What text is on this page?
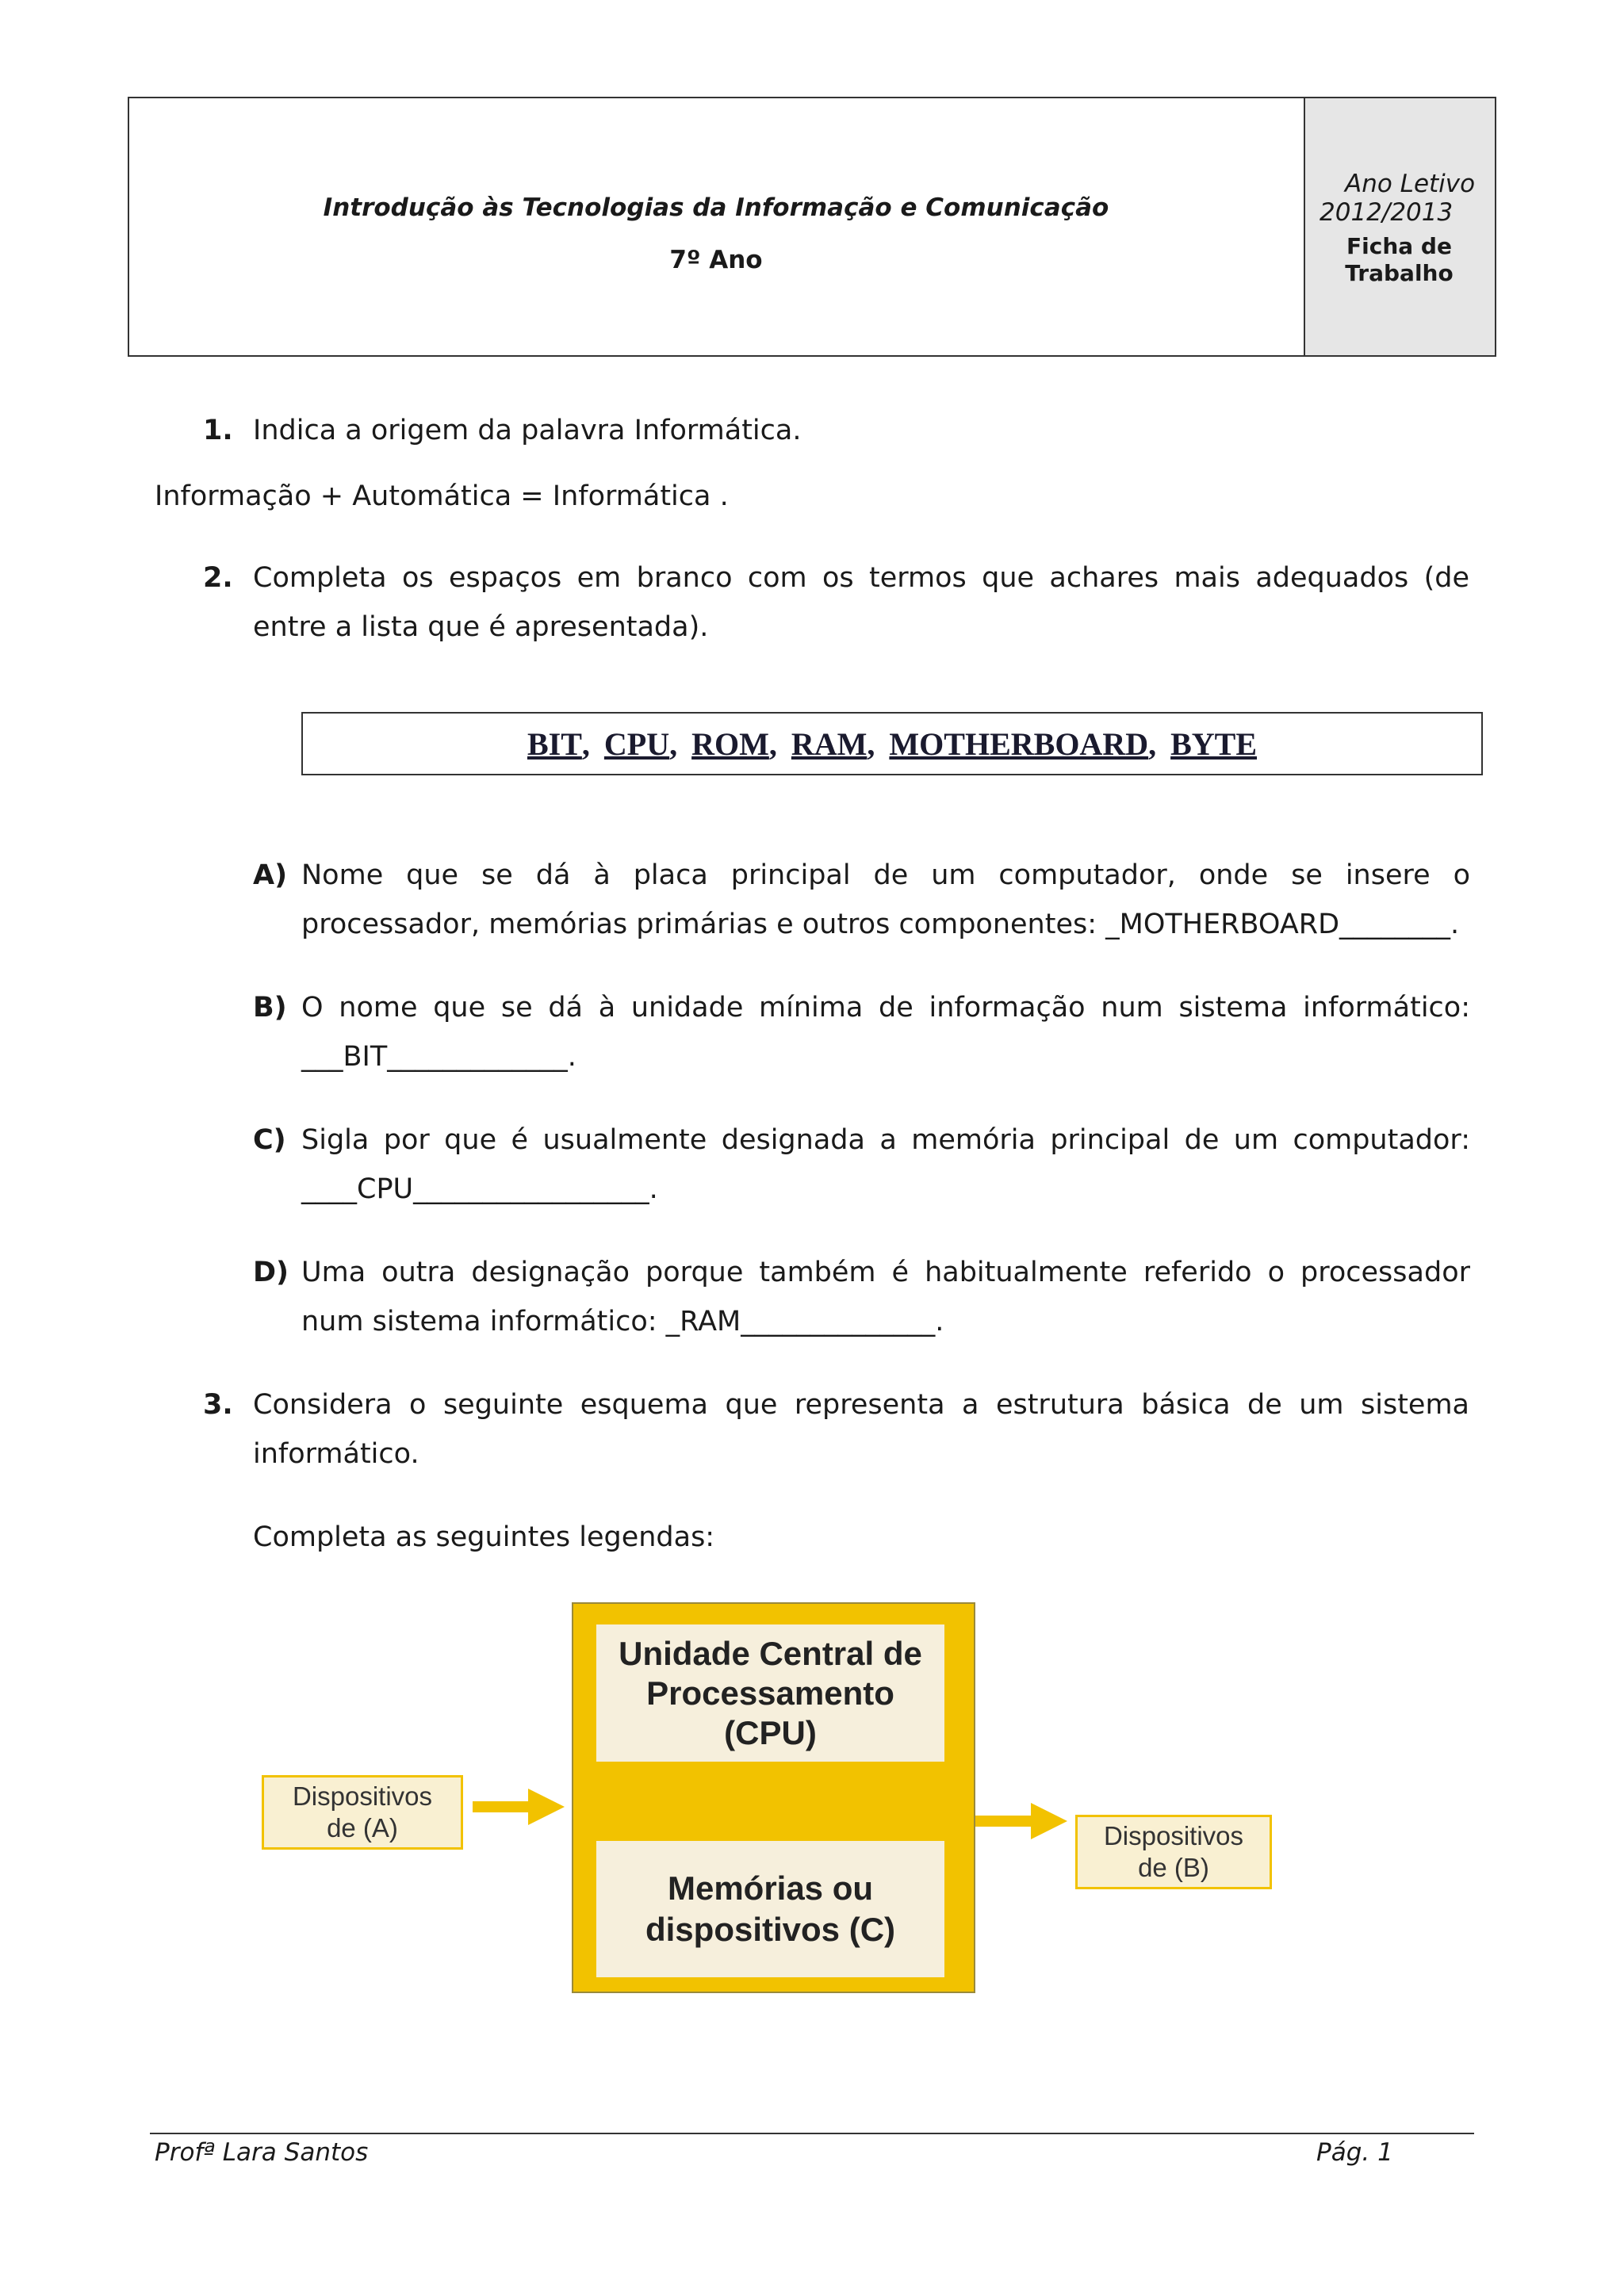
Introdução às Tecnologias da Informação e Comunicação
7º Ano
Ano Letivo
2012/2013
Ficha de
Trabalho
1. Indica a origem da palavra Informática.
Informação + Automática = Informática .
2. Completa os espaços em branco com os termos que achares mais adequados (de entre a lista que é apresentada).
BIT , CPU , ROM , RAM , MOTHERBOARD , BYTE
A) Nome que se dá à placa principal de um computador, onde se insere o processador, memórias primárias e outros componentes: _MOTHERBOARD________.
B) O nome que se dá à unidade mínima de informação num sistema informático: ___BIT_____________.
C) Sigla por que é usualmente designada a memória principal de um computador: ____CPU_________________.
D) Uma outra designação porque também é habitualmente referido o processador num sistema informático: _RAM______________.
3. Considera o seguinte esquema que representa a estrutura básica de um sistema informático.
Completa as seguintes legendas:
Unidade Central de
Processamento
(CPU)
Memórias ou
dispositivos (C)
Dispositivos
de (A)	Dispositivos
de (B)
Profª Lara Santos	Pág. 1
